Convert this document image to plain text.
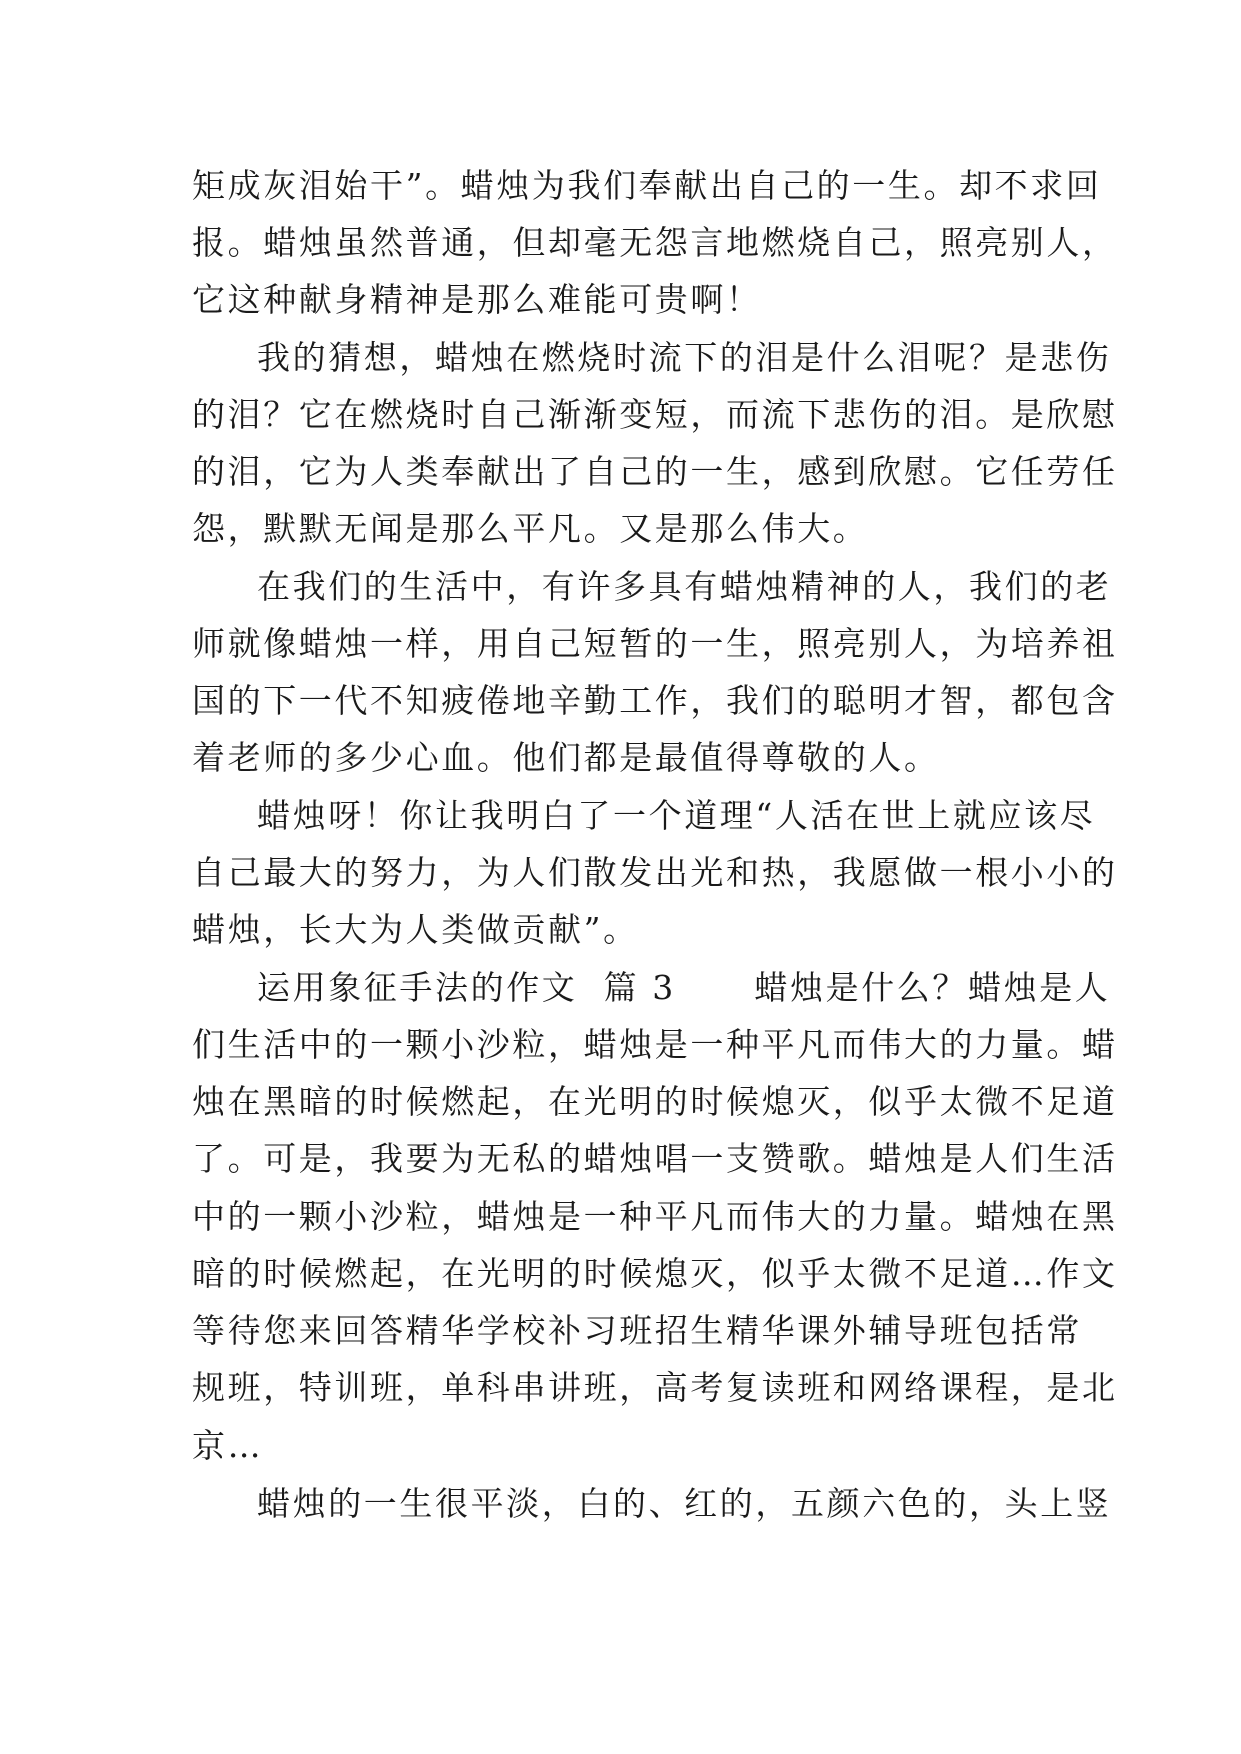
矩成灰泪始干”。蜡烛为我们奉献出自己的一生。却不求回
报。蜡烛虽然普通，但却毫无怨言地燃烧自己，照亮别人，
它这种献身精神是那么难能可贵啊！
我的猜想，蜡烛在燃烧时流下的泪是什么泪呢？是悲伤
的泪？它在燃烧时自己渐渐变短，而流下悲伤的泪。是欣慰
的泪，它为人类奉献出了自己的一生，感到欣慰。它任劳任
怨，默默无闻是那么平凡。又是那么伟大。
在我们的生活中，有许多具有蜡烛精神的人，我们的老
师就像蜡烛一样，用自己短暂的一生，照亮别人，为培养祖
国的下一代不知疲倦地辛勤工作，我们的聪明才智，都包含
着老师的多少心血。他们都是最值得尊敬的人。
蜡烛呀！你让我明白了一个道理“人活在世上就应该尽
自己最大的努力，为人们散发出光和热，我愿做一根小小的
蜡烛，长大为人类做贡献”。
运用象征手法的作文  篇 3      蜡烛是什么？蜡烛是人
们生活中的一颗小沙粒，蜡烛是一种平凡而伟大的力量。蜡
烛在黑暗的时候燃起，在光明的时候熄灭，似乎太微不足道
了。可是，我要为无私的蜡烛唱一支赞歌。蜡烛是人们生活
中的一颗小沙粒，蜡烛是一种平凡而伟大的力量。蜡烛在黑
暗的时候燃起，在光明的时候熄灭，似乎太微不足道…作文
等待您来回答精华学校补习班招生精华课外辅导班包括常
规班，特训班，单科串讲班，高考复读班和网络课程，是北
京…
蜡烛的一生很平淡，白的、红的，五颜六色的，头上竖
